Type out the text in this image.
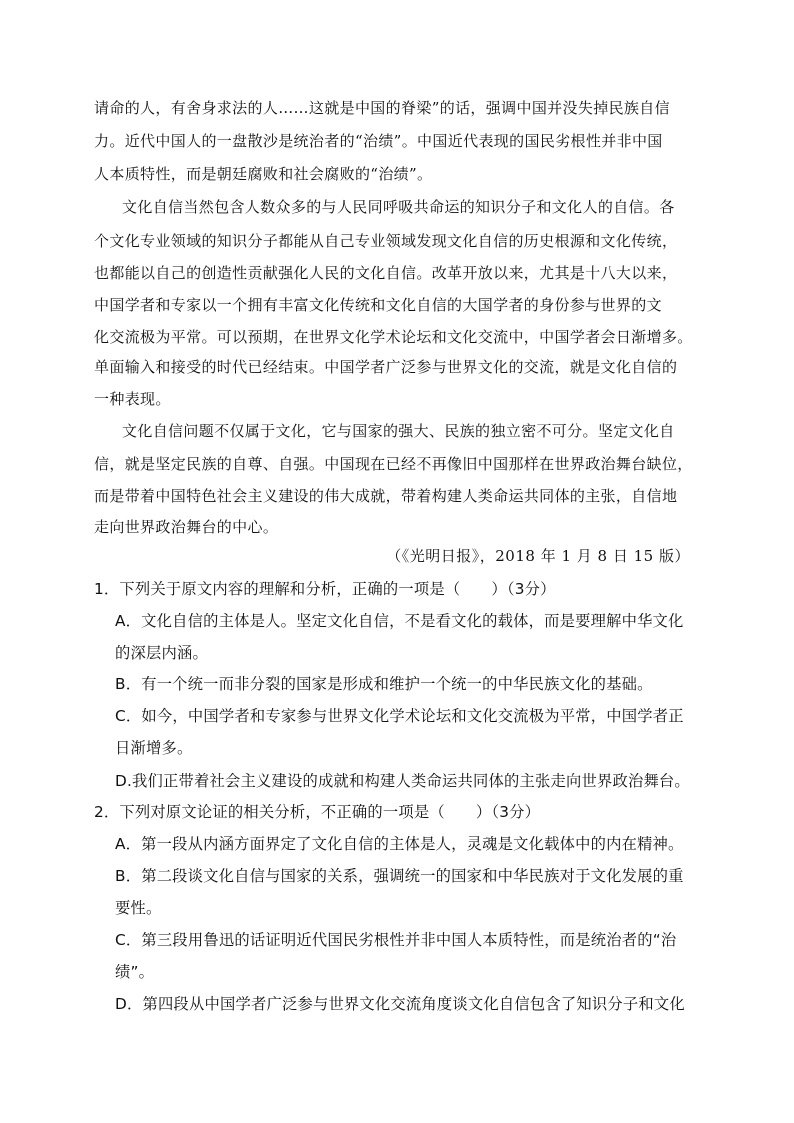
请命的人，有舍身求法的人……这就是中国的脊梁”的话，强调中国并没失掉民族自信
力。近代中国人的一盘散沙是统治者的“治绩”。中国近代表现的国民劣根性并非中国
人本质特性，而是朝廷腐败和社会腐败的“治绩”。
文化自信当然包含人数众多的与人民同呼吸共命运的知识分子和文化人的自信。各
个文化专业领域的知识分子都能从自己专业领域发现文化自信的历史根源和文化传统，
也都能以自己的创造性贡献强化人民的文化自信。改革开放以来，尤其是十八大以来，
中国学者和专家以一个拥有丰富文化传统和文化自信的大国学者的身份参与世界的文
化交流极为平常。可以预期，在世界文化学术论坛和文化交流中，中国学者会日渐增多。
单面输入和接受的时代已经结束。中国学者广泛参与世界文化的交流，就是文化自信的
一种表现。
文化自信问题不仅属于文化，它与国家的强大、民族的独立密不可分。坚定文化自
信，就是坚定民族的自尊、自强。中国现在已经不再像旧中国那样在世界政治舞台缺位，
而是带着中国特色社会主义建设的伟大成就，带着构建人类命运共同体的主张，自信地
走向世界政治舞台的中心。
（《光明日报》，2018 年 1 月 8 日 15 版）
1．下列关于原文内容的理解和分析，正确的一项是（　　）（3分）
A．文化自信的主体是人。坚定文化自信，不是看文化的载体，而是要理解中华文化
的深层内涵。
B．有一个统一而非分裂的国家是形成和维护一个统一的中华民族文化的基础。
C．如今，中国学者和专家参与世界文化学术论坛和文化交流极为平常，中国学者正
日渐增多。
D.我们正带着社会主义建设的成就和构建人类命运共同体的主张走向世界政治舞台。
2．下列对原文论证的相关分析，不正确的一项是（　　）（3分）
A．第一段从内涵方面界定了文化自信的主体是人，灵魂是文化载体中的内在精神。
B．第二段谈文化自信与国家的关系，强调统一的国家和中华民族对于文化发展的重
要性。
C．第三段用鲁迅的话证明近代国民劣根性并非中国人本质特性，而是统治者的“治
绩”。
D．第四段从中国学者广泛参与世界文化交流角度谈文化自信包含了知识分子和文化
